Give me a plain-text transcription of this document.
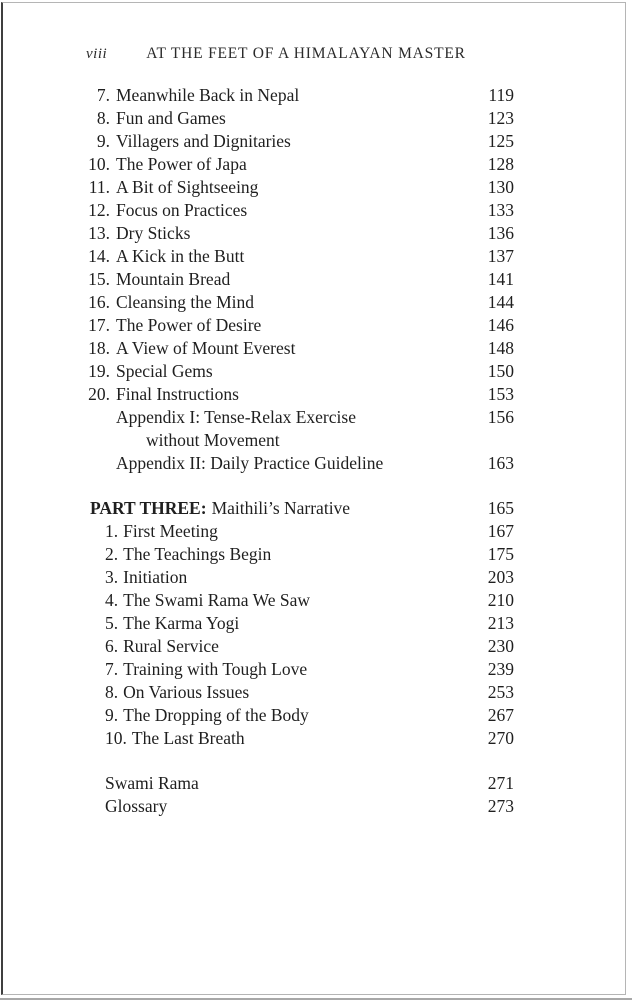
viii	AT THE FEET OF A HIMALAYAN MASTER
7. Meanwhile Back in Nepal	119
8. Fun and Games	123
9. Villagers and Dignitaries	125
10. The Power of Japa	128
11. A Bit of Sightseeing	130
12. Focus on Practices	133
13. Dry Sticks	136
14. A Kick in the Butt	137
15. Mountain Bread	141
16. Cleansing the Mind	144
17. The Power of Desire	146
18. A View of Mount Everest	148
19. Special Gems	150
20. Final Instructions	153
Appendix I: Tense-Relax Exercise	156
without Movement
Appendix II: Daily Practice Guideline	163
PART THREE: Maithili’s Narrative	165
1. First Meeting	167
2. The Teachings Begin	175
3. Initiation	203
4. The Swami Rama We Saw	210
5. The Karma Yogi	213
6. Rural Service	230
7. Training with Tough Love	239
8. On Various Issues	253
9. The Dropping of the Body	267
10. The Last Breath	270
Swami Rama	271
Glossary	273
